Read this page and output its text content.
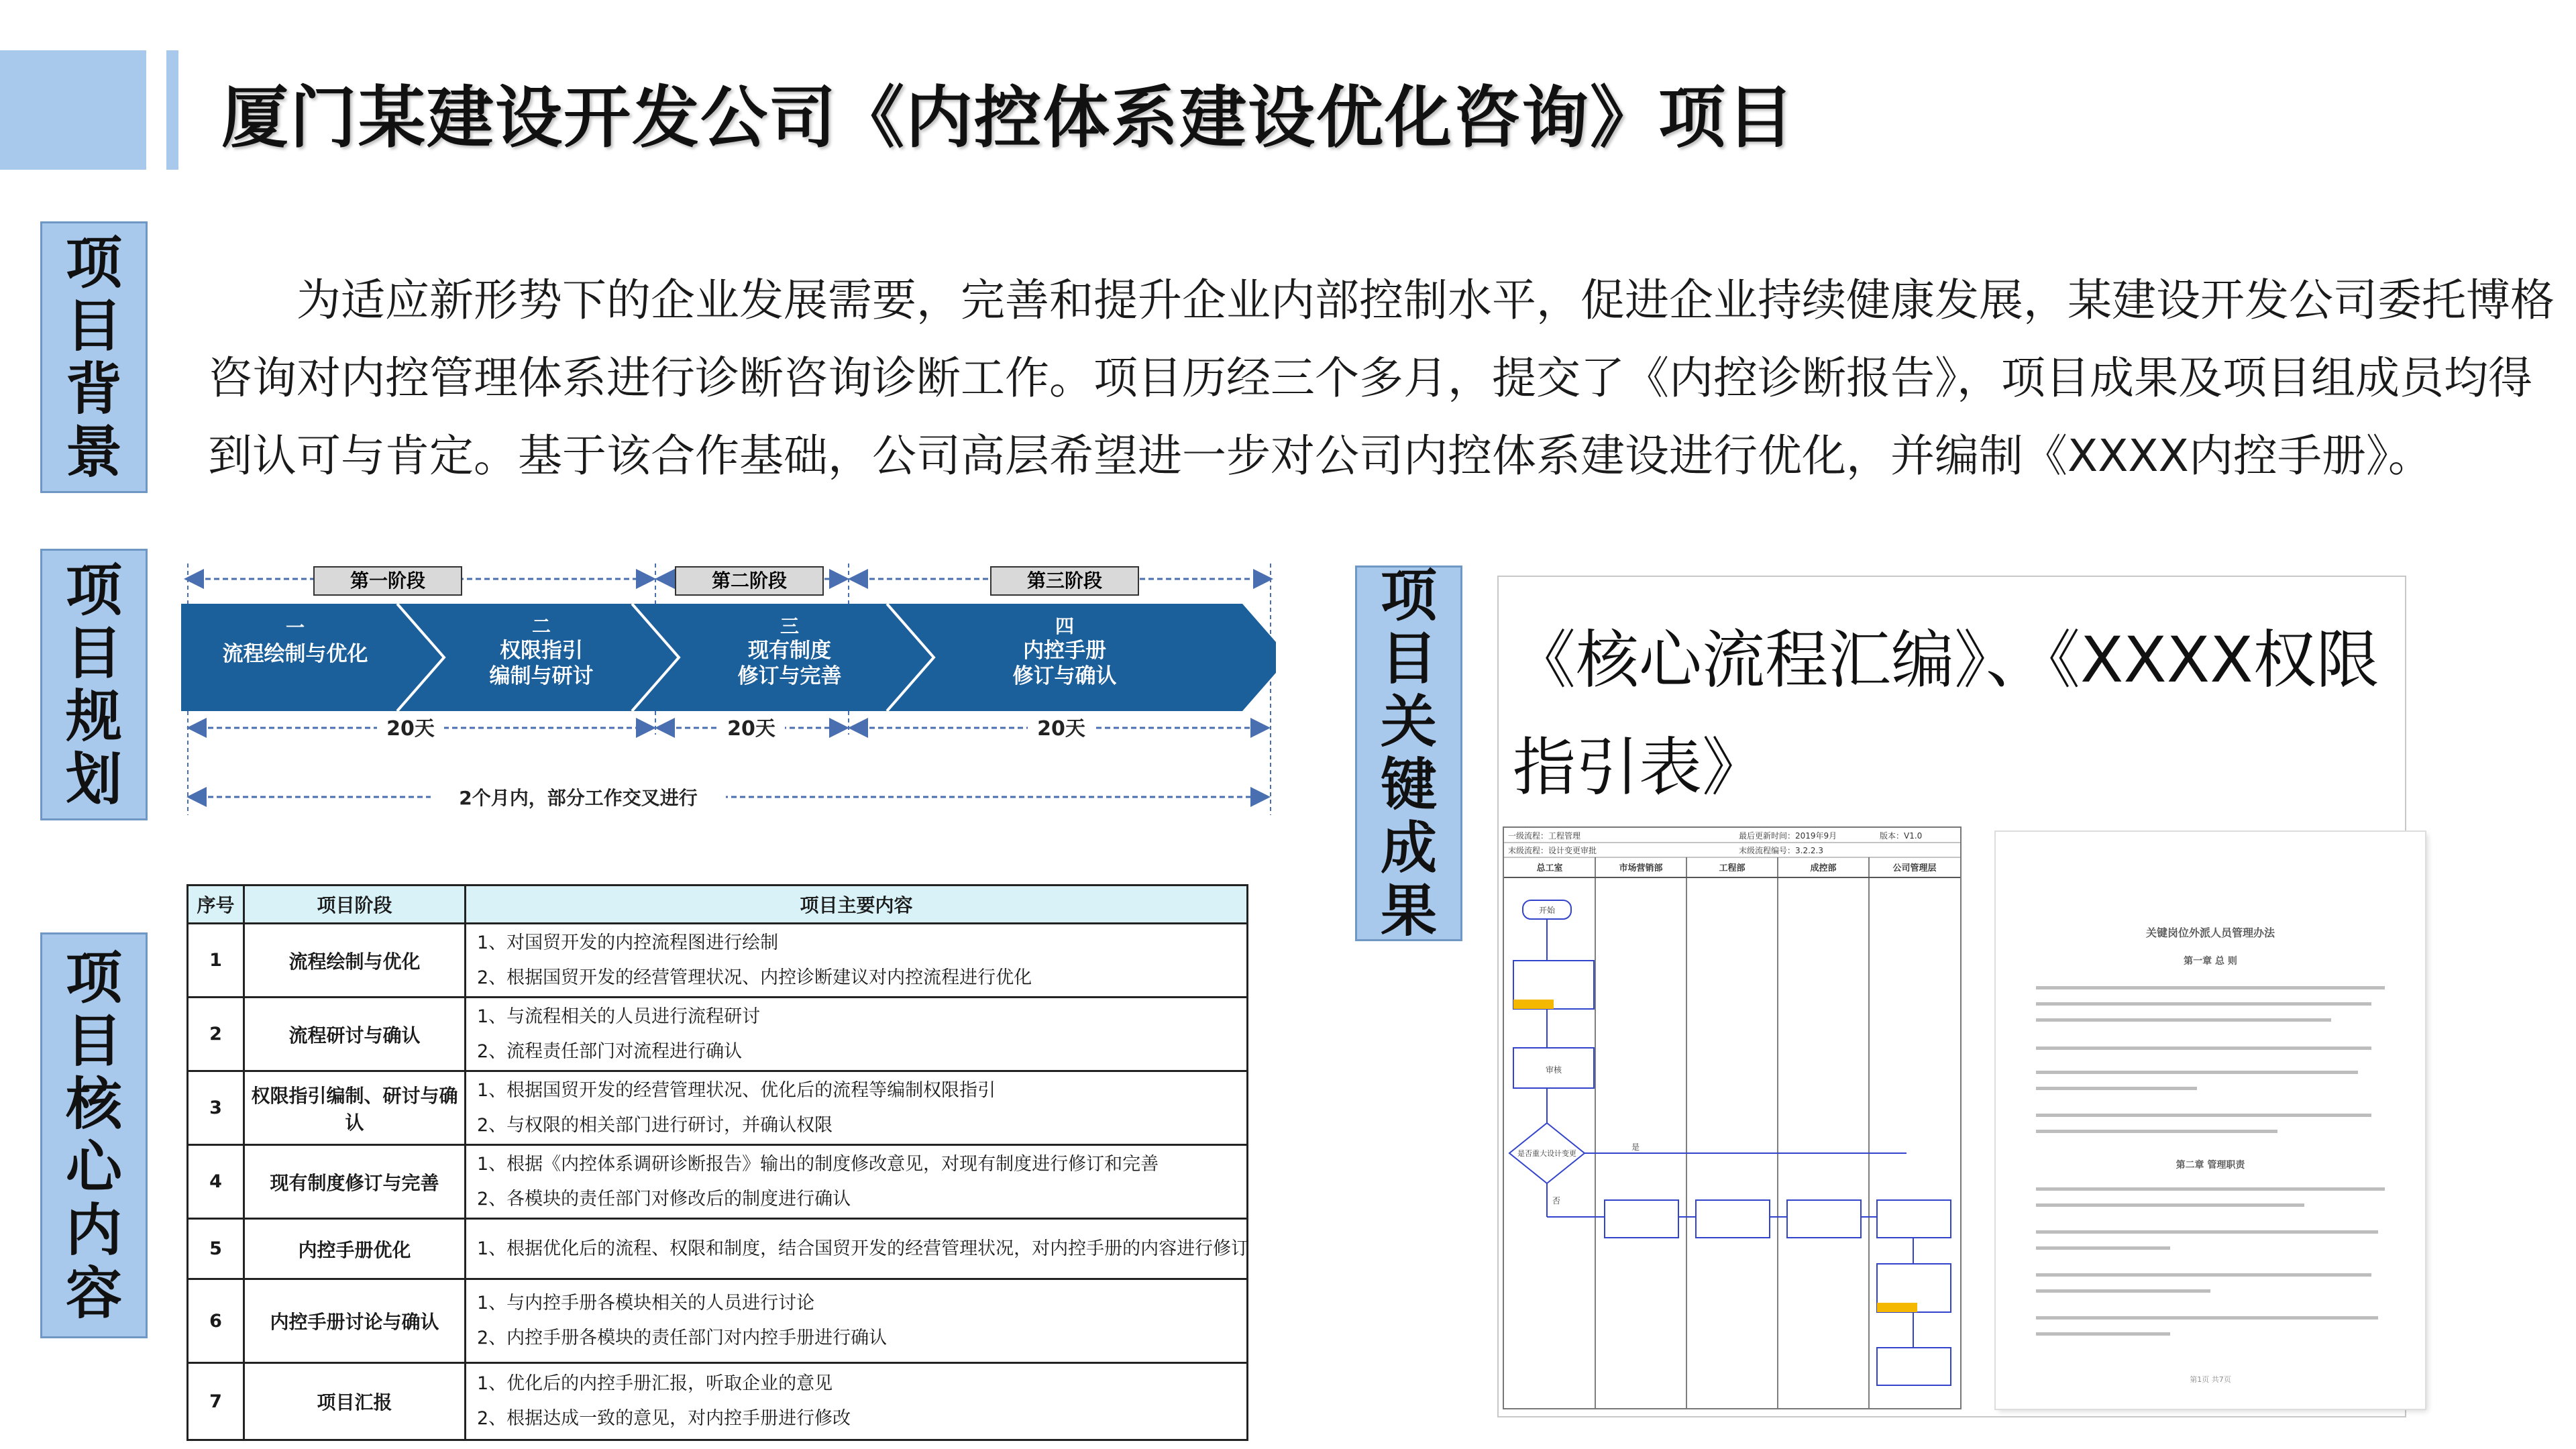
厦门某建设开发公司《内控体系建设优化咨询》项目
项目背景
项目规划
项目核心内容
项目关键成果
为适应新形势下的企业发展需要，完善和提升企业内部控制水平，促进企业持续健康发展，某建设开发公司委托博格咨询对内控管理体系进行诊断咨询诊断工作。项目历经三个多月，提交了《内控诊断报告》，项目成果及项目组成员均得到认可与肯定。基于该合作基础，公司高层希望进一步对公司内控体系建设进行优化，并编制《XXXX内控手册》。
第一阶段	第二阶段	第三阶段
一
流程绘制与优化
二
权限指引
编制与研讨
三
现有制度
修订与完善
四
内控手册
修订与确认
20天	20天	20天
2个月内，部分工作交叉进行
序号	项目阶段	项目主要内容
1	流程绘制与优化	1、对国贸开发的内控流程图进行绘制
2、根据国贸开发的经营管理状况、内控诊断建议对内控流程进行优化

2	流程研讨与确认	1、与流程相关的人员进行流程研讨
2、流程责任部门对流程进行确认

3	权限指引编制、研讨与确认	1、根据国贸开发的经营管理状况、优化后的流程等编制权限指引
2、与权限的相关部门进行研讨，并确认权限

4	现有制度修订与完善	1、根据《内控体系调研诊断报告》输出的制度修改意见，对现有制度进行修订和完善
2、各模块的责任部门对修改后的制度进行确认

5	内控手册优化	1、根据优化后的流程、权限和制度，结合国贸开发的经营管理状况，对内控手册的内容进行修订

6	内控手册讨论与确认	1、与内控手册各模块相关的人员进行讨论
2、内控手册各模块的责任部门对内控手册进行确认

7	项目汇报	1、优化后的内控手册汇报，听取企业的意见
2、根据达成一致的意见，对内控手册进行修改
《核心流程汇编》、《XXXX权限指引表》
一级流程：工程管理	最后更新时间：2019年9月	版本：V1.0
末级流程：设计变更审批	末级流程编号：3.2.2.3
总工室	市场营销部	工程部	成控部	公司管理层
开始
审核
是否重大设计变更
是
否
关键岗位外派人员管理办法
第一章 总 则
第二章 管理职责
第1页 共7页
